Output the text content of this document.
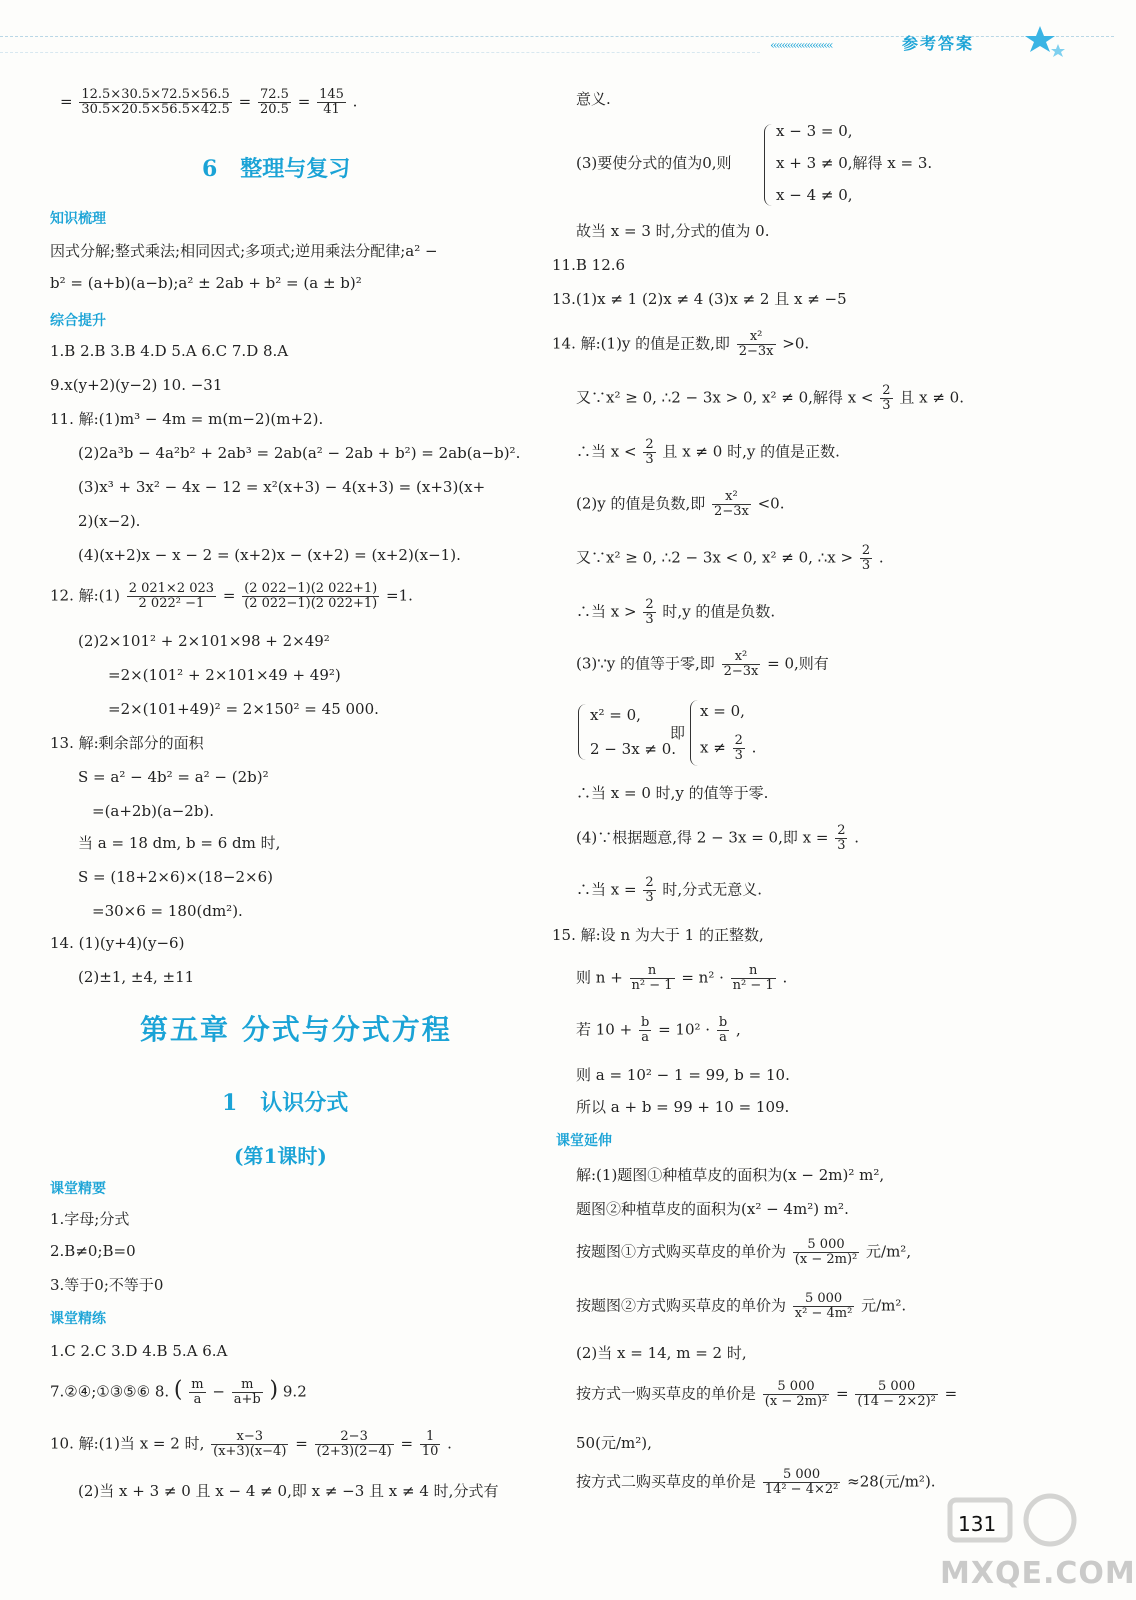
‹‹‹‹‹‹‹‹‹‹‹‹‹‹‹‹‹‹‹‹‹‹	参考答案
= $\frac{12.5\times 30.5\times 72.5\times 56.5}{30.5\times 20.5\times 56.5\times 42.5} = \frac{72.5}{20.5} = \frac{145}{41}$ .
6 整理与复习
知识梳理
因式分解;整式乘法;相同因式;多项式;逆用乘法分配律;a² −
b² = (a+b)(a−b);a² ± 2ab + b² = (a ± b)²
综合提升
1.B 2.B 3.B 4.D 5.A 6.C 7.D 8.A
9.x(y+2)(y−2) 10. −31
11. 解:(1)m³ − 4m = m(m−2)(m+2).
(2)2a³b − 4a²b² + 2ab³ = 2ab(a² − 2ab + b²) = 2ab(a−b)².
(3)x³ + 3x² − 4x − 12 = x²(x+3) − 4(x+3) = (x+3)(x+
2)(x−2).
(4)(x+2)x − x − 2 = (x+2)x − (x+2) = (x+2)(x−1).
12. 解:(1) $\frac{2 021\times 2 023}{\text{2 022² −1}} = \frac{(2 022-1)(2 022+1)}{(2 022-1)(2 022+1)} =1$.
(2)2×101² + 2×101×98 + 2×49²
=2×(101² + 2×101×49 + 49²)
=2×(101+49)² = 2×150² = 45 000.
13. 解:剩余部分的面积
S = a² − 4b² = a² − (2b)²
=(a+2b)(a−2b).
当 a = 18 dm, b = 6 dm 时,
S = (18+2×6)×(18−2×6)
=30×6 = 180(dm²).
14. (1)(y+4)(y−6)
(2)±1, ±4, ±11
第五章 分式与分式方程
1 认识分式
(第1课时)
课堂精要
1.字母;分式
2.B≠0;B=0
3.等于0;不等于0
课堂精练
1.C 2.C 3.D 4.B 5.A 6.A
7.②④;①③⑤⑥ 8. ( $\frac{m}{a} - \frac{m}{a+b}$ ) 9.2
10. 解:(1)当 x = 2 时, $\frac{x-3}{(x+3)(x-4)} = \frac{2-3}{(2+3)(2-4)} = \frac{1}{10}$ .
(2)当 x + 3 ≠ 0 且 x − 4 ≠ 0,即 x ≠ −3 且 x ≠ 4 时,分式有
意义.
(3)要使分式的值为0,则
x − 3 = 0,
x + 3 ≠ 0,解得 x = 3.
x − 4 ≠ 0,
故当 x = 3 时,分式的值为 0.
11.B 12.6
13.(1)x ≠ 1 (2)x ≠ 4 (3)x ≠ 2 且 x ≠ −5
14. 解:(1)y 的值是正数,即 $\frac{\text{x²}}{2-3x} >0$.
又∵x² ≥ 0, ∴2 − 3x > 0, x² ≠ 0,解得 $x < \frac{2}{3}$ 且 x ≠ 0.
∴当 $x < \frac{2}{3}$ 且 x ≠ 0 时,y 的值是正数.
(2)y 的值是负数,即 $\frac{\text{x²}}{2-3x} <0$.
又∵x² ≥ 0, ∴2 − 3x < 0, x² ≠ 0, ∴x > $\frac{2}{3}$ .
∴当 $x > \frac{2}{3}$ 时,y 的值是负数.
(3)∵y 的值等于零,即 $\frac{\text{x²}}{2-3x} = 0$,则有
x² = 0,
2 − 3x ≠ 0.
即
x = 0,
$x \ne \frac{2}{3}$ .
∴当 x = 0 时,y 的值等于零.
(4)∵根据题意,得 2 − 3x = 0,即 $x = \frac{2}{3}$ .
∴当 $x = \frac{2}{3}$ 时,分式无意义.
15. 解:设 n 为大于 1 的正整数,
则 $n + \frac{n}{\text{n² − 1}} = n^2 \cdot \frac{n}{\text{n² − 1}}$ .
若 $10 + \frac{b}{a} = 10^2 \cdot \frac{b}{a}$ ,
则 a = 10² − 1 = 99, b = 10.
所以 a + b = 99 + 10 = 109.
课堂延伸
解:(1)题图①种植草皮的面积为(x − 2m)² m²,
题图②种植草皮的面积为(x² − 4m²) m².
按题图①方式购买草皮的单价为 $\frac{5 000}{\text{(x − 2m)²}}$ 元/m²,
按题图②方式购买草皮的单价为 $\frac{5 000}{\text{x² − 4m²}}$ 元/m².
(2)当 x = 14, m = 2 时,
按方式一购买草皮的单价是 $\frac{5 000}{\text{(x − 2m)²}} = \frac{5 000}{\text{(14 − 2×2)²}}$ =
50(元/m²),
按方式二购买草皮的单价是 $\frac{5 000}{\text{14² − 4×2²}} \approx 28$(元/m²).
131
MXQE.COM
